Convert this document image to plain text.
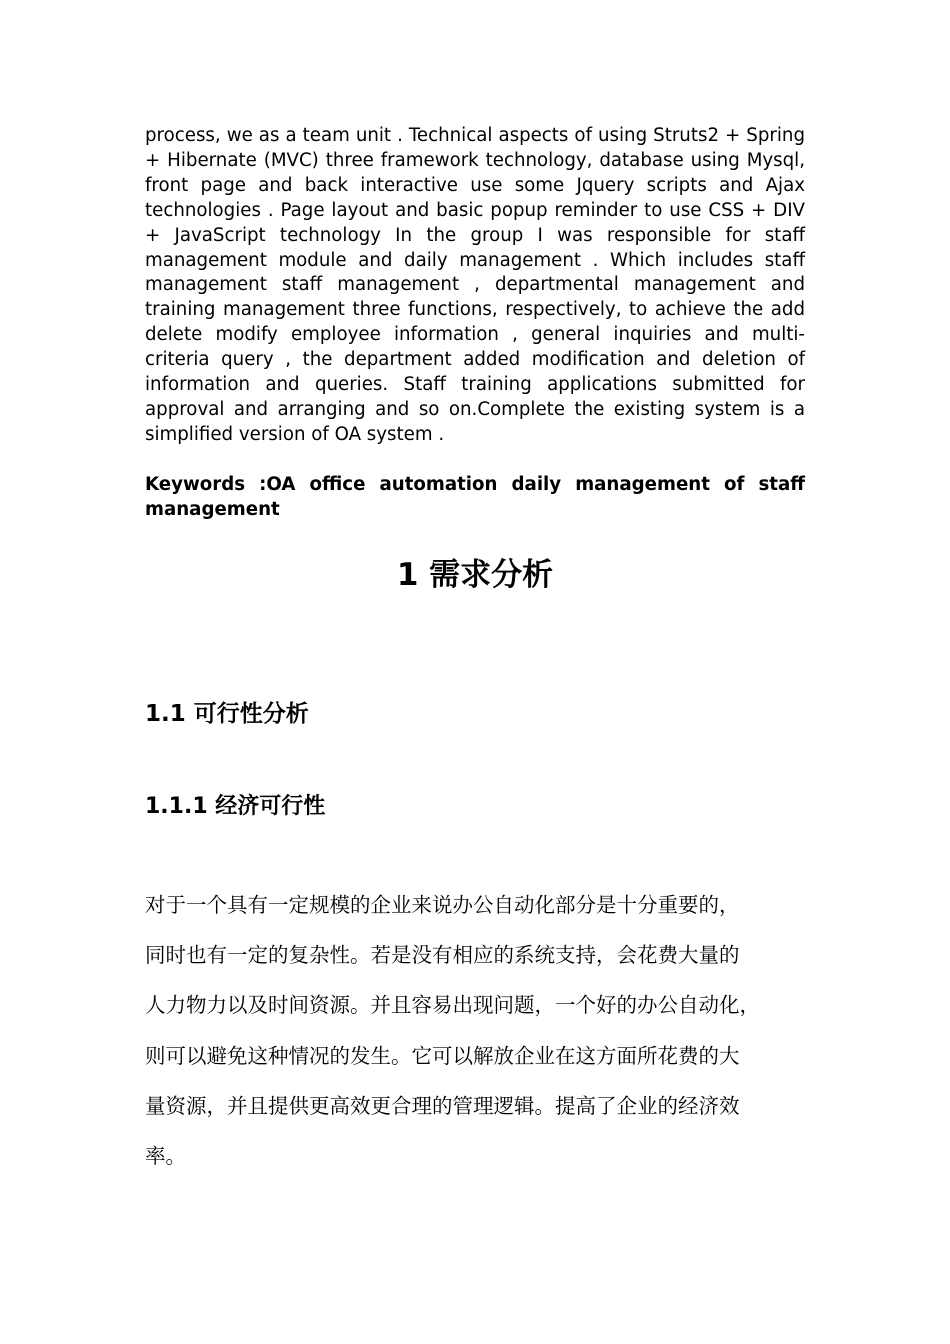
process, we as a team unit . Technical aspects of using Struts2 + Spring + Hibernate (MVC) three framework technology, database using Mysql, front page and back interactive use some Jquery scripts and Ajax technologies . Page layout and basic popup reminder to use CSS + DIV + JavaScript technology In the group I was responsible for staff management module and daily management . Which includes staff management staff management , departmental management and training management three functions, respectively, to achieve the add delete modify employee information , general inquiries and multi- criteria query , the department added modification and deletion of information and queries. Staff training applications submitted for approval and arranging and so on.Complete the existing system is a simplified version of OA system .

Keywords :OA office automation daily management of staff management

1 需求分析
1.1 可行性分析
1.1.1 经济可行性
对于一个具有一定规模的企业来说办公自动化部分是十分重要的，
同时也有一定的复杂性。若是没有相应的系统支持，会花费大量的
人力物力以及时间资源。并且容易出现问题，一个好的办公自动化，
则可以避免这种情况的发生。它可以解放企业在这方面所花费的大
量资源，并且提供更高效更合理的管理逻辑。提高了企业的经济效
率。
